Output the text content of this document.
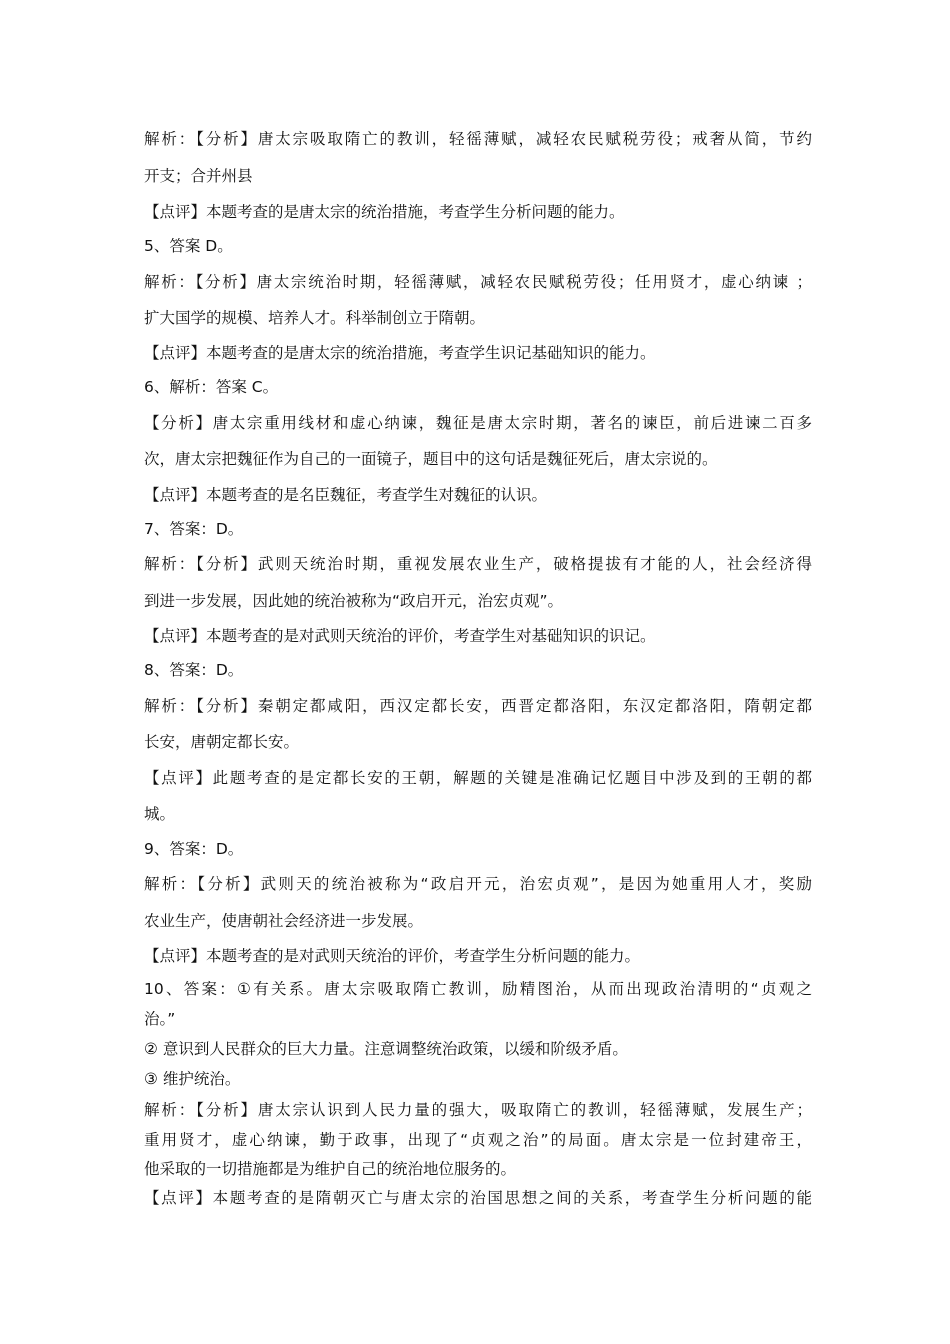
解析：【分析】唐太宗吸取隋亡的教训，轻徭薄赋，减轻农民赋税劳役；戒奢从简，节约
开支；合并州县
【点评】本题考查的是唐太宗的统治措施，考查学生分析问题的能力。
5、答案 D。
解析：【分析】唐太宗统治时期，轻徭薄赋，减轻农民赋税劳役；任用贤才，虚心纳谏 ；
扩大国学的规模、培养人才。科举制创立于隋朝。
【点评】本题考查的是唐太宗的统治措施，考查学生识记基础知识的能力。
6、解析：答案 C。
【分析】唐太宗重用线材和虚心纳谏，魏征是唐太宗时期，著名的谏臣，前后进谏二百多
次，唐太宗把魏征作为自己的一面镜子，题目中的这句话是魏征死后，唐太宗说的。
【点评】本题考查的是名臣魏征，考查学生对魏征的认识。
7、答案：D。
解析：【分析】武则天统治时期，重视发展农业生产，破格提拔有才能的人，社会经济得
到进一步发展，因此她的统治被称为“政启开元，治宏贞观”。
【点评】本题考查的是对武则天统治的评价，考查学生对基础知识的识记。
8、答案：D。
解析：【分析】秦朝定都咸阳，西汉定都长安，西晋定都洛阳，东汉定都洛阳，隋朝定都
长安，唐朝定都长安。
【点评】此题考查的是定都长安的王朝，解题的关键是准确记忆题目中涉及到的王朝的都
城。
9、答案：D。
解析：【分析】武则天的统治被称为“政启开元，治宏贞观”，是因为她重用人才，奖励
农业生产，使唐朝社会经济进一步发展。
【点评】本题考查的是对武则天统治的评价，考查学生分析问题的能力。
10、答案：①有关系。唐太宗吸取隋亡教训，励精图治，从而出现政治清明的“贞观之
治。”
② 意识到人民群众的巨大力量。注意调整统治政策，以缓和阶级矛盾。
③ 维护统治。
解析：【分析】唐太宗认识到人民力量的强大，吸取隋亡的教训，轻徭薄赋，发展生产；
重用贤才，虚心纳谏，勤于政事，出现了“贞观之治”的局面。唐太宗是一位封建帝王，
他采取的一切措施都是为维护自己的统治地位服务的。
【点评】本题考查的是隋朝灭亡与唐太宗的治国思想之间的关系，考查学生分析问题的能
